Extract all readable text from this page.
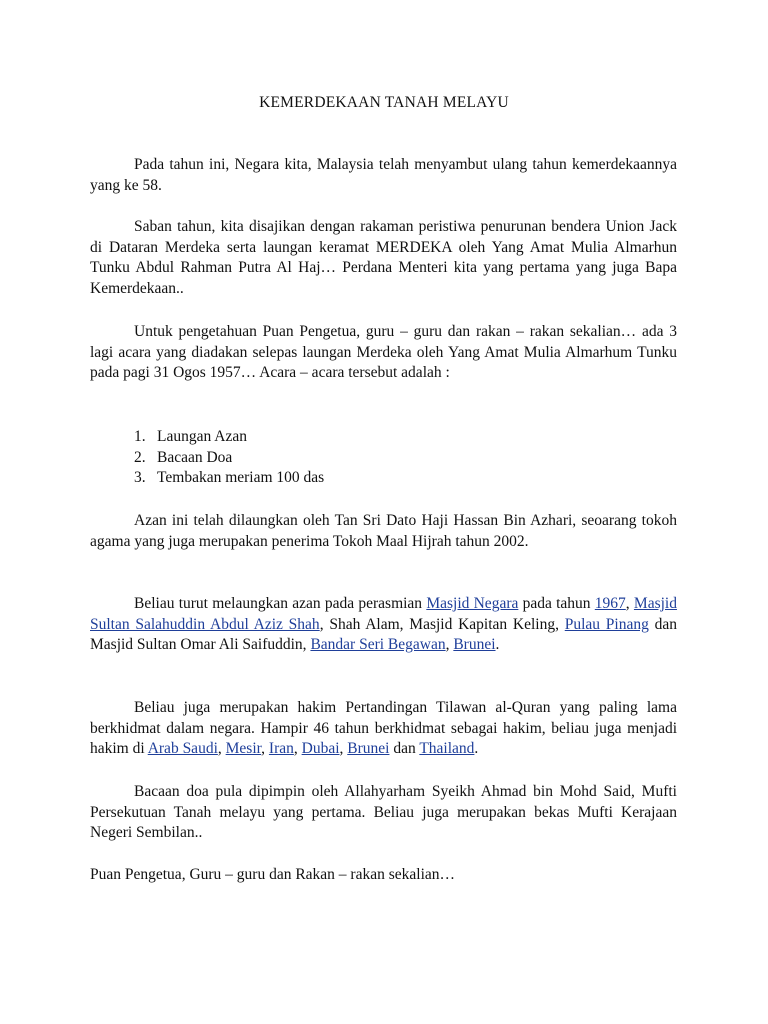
KEMERDEKAAN TANAH MELAYU

Pada tahun ini, Negara kita, Malaysia telah menyambut ulang tahun kemerdekaannya yang ke 58.

Saban tahun, kita disajikan dengan rakaman peristiwa penurunan bendera Union Jack di Dataran Merdeka serta laungan keramat MERDEKA oleh Yang Amat Mulia Almarhun Tunku Abdul Rahman Putra Al Haj… Perdana Menteri kita yang pertama yang juga Bapa Kemerdekaan..

Untuk pengetahuan Puan Pengetua, guru – guru dan rakan – rakan sekalian… ada 3 lagi acara yang diadakan selepas laungan Merdeka oleh Yang Amat Mulia Almarhum Tunku pada pagi 31 Ogos 1957… Acara – acara tersebut adalah :

1. Laungan Azan
2. Bacaan Doa
3. Tembakan meriam 100 das

Azan ini telah dilaungkan oleh Tan Sri Dato Haji Hassan Bin Azhari, seoarang tokoh agama yang juga merupakan penerima Tokoh Maal Hijrah tahun 2002.

Beliau turut melaungkan azan pada perasmian Masjid Negara pada tahun 1967, Masjid Sultan Salahuddin Abdul Aziz Shah, Shah Alam, Masjid Kapitan Keling, Pulau Pinang dan Masjid Sultan Omar Ali Saifuddin, Bandar Seri Begawan, Brunei.

Beliau juga merupakan hakim Pertandingan Tilawan al-Quran yang paling lama berkhidmat dalam negara. Hampir 46 tahun berkhidmat sebagai hakim, beliau juga menjadi hakim di Arab Saudi, Mesir, Iran, Dubai, Brunei dan Thailand.

Bacaan doa pula dipimpin oleh Allahyarham Syeikh Ahmad bin Mohd Said, Mufti Persekutuan Tanah melayu yang pertama. Beliau juga merupakan bekas Mufti Kerajaan Negeri Sembilan..

Puan Pengetua, Guru – guru dan Rakan – rakan sekalian…
